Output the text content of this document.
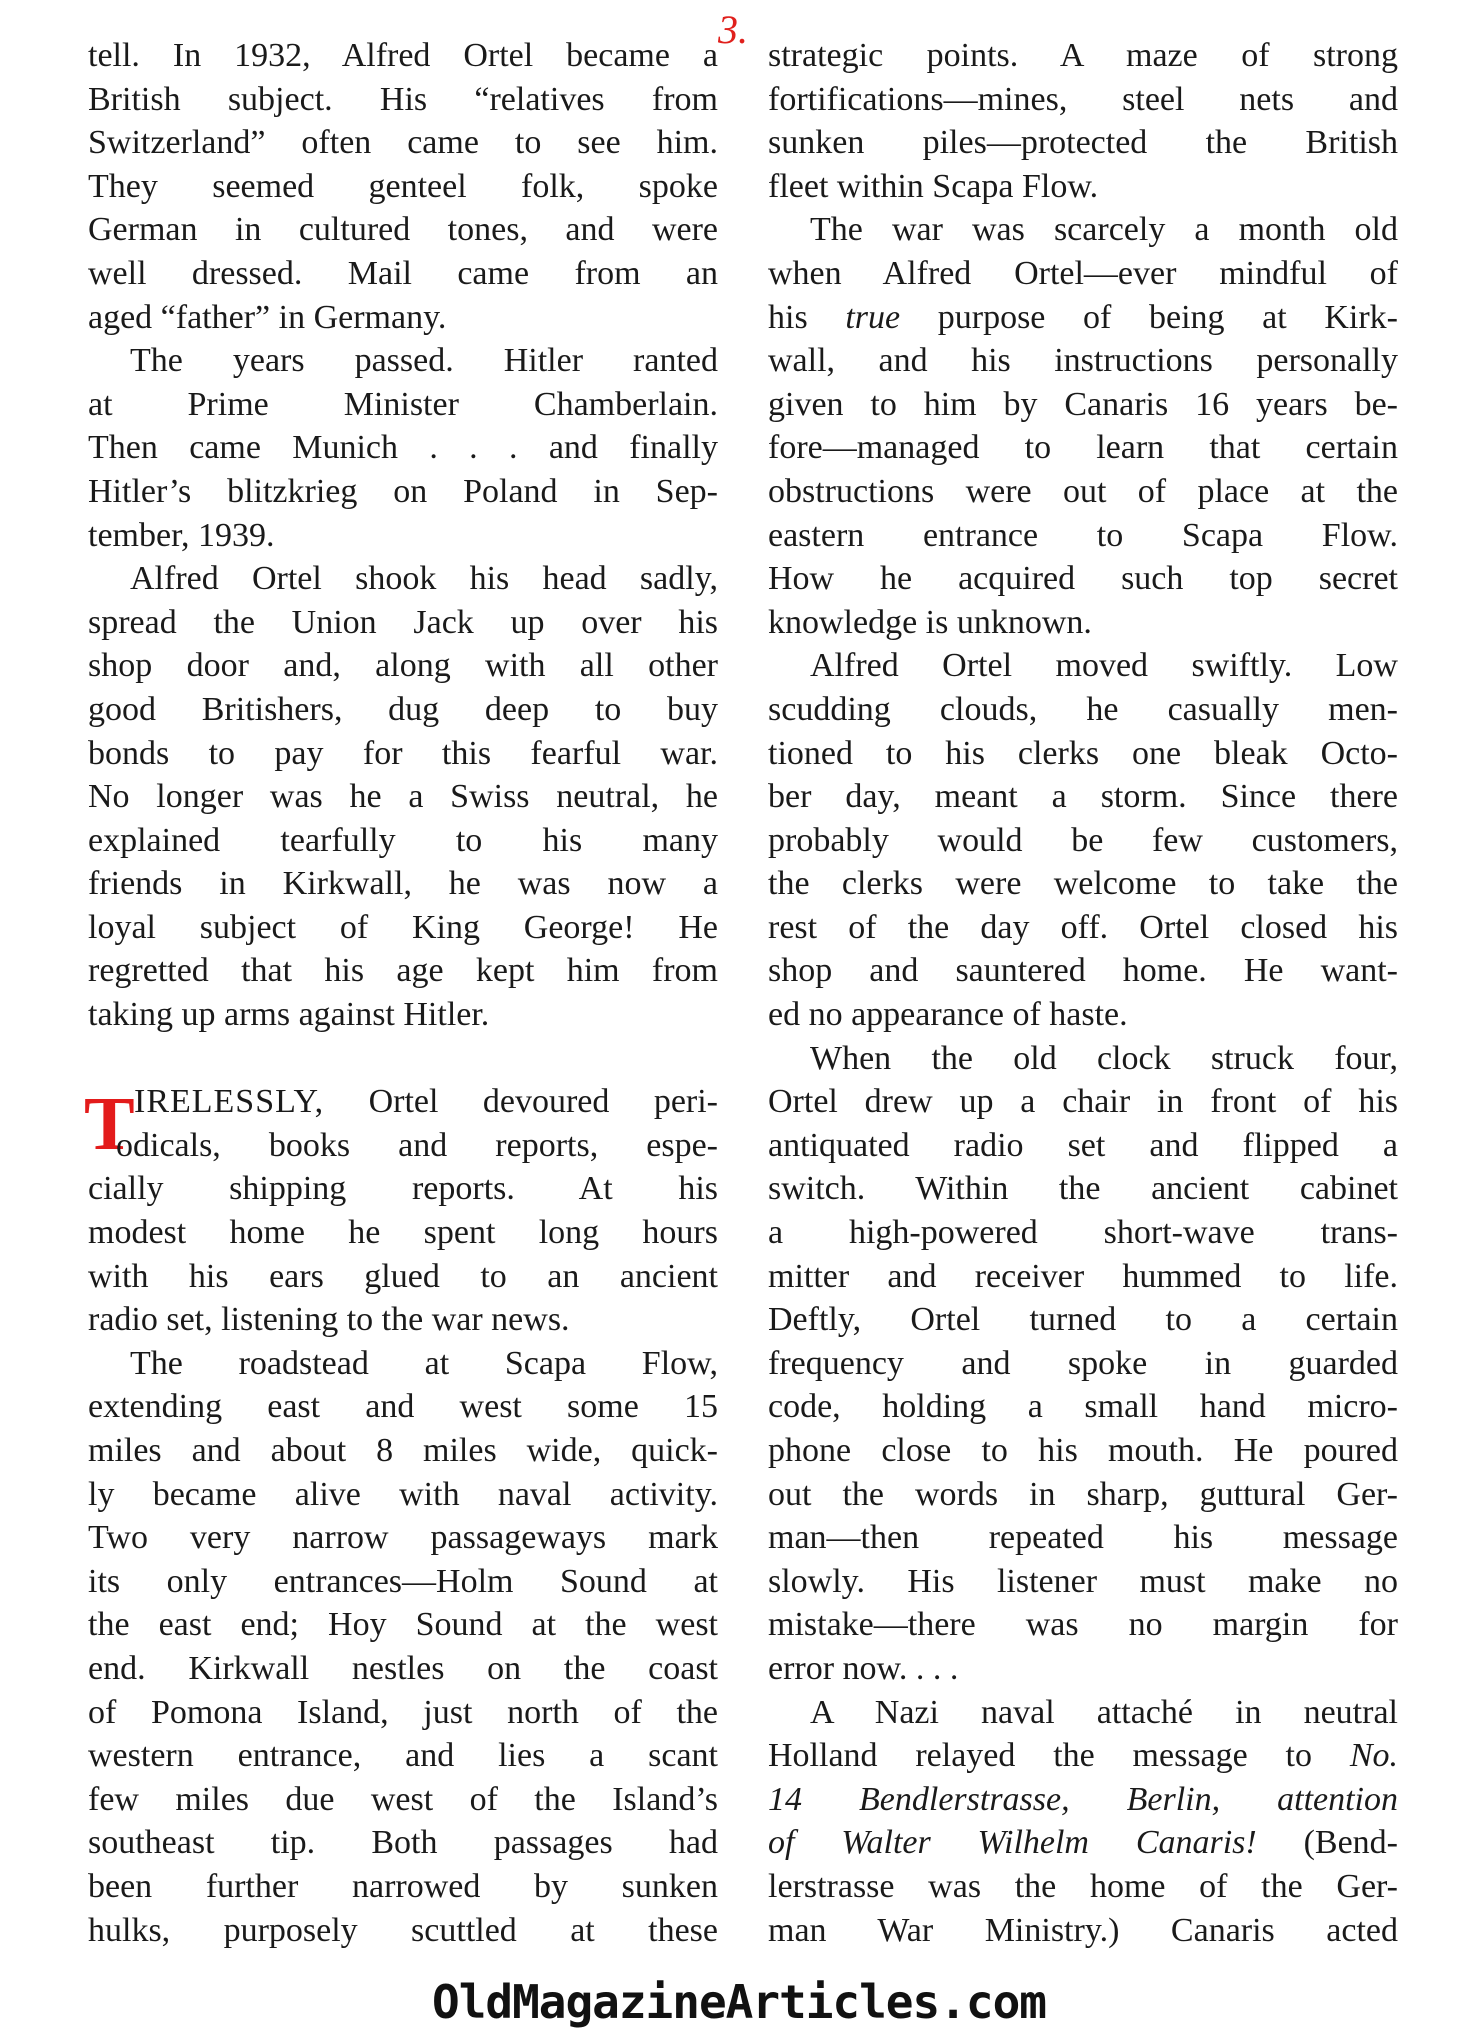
3.
tell. In 1932, Alfred Ortel became a
British subject. His “relatives from
Switzerland” often came to see him.
They seemed genteel folk, spoke
German in cultured tones, and were
well dressed. Mail came from an
aged “father” in Germany.
The years passed. Hitler ranted
at Prime Minister Chamberlain.
Then came Munich . . . and finally
Hitler’s blitzkrieg on Poland in Sep-
tember, 1939.
Alfred Ortel shook his head sadly,
spread the Union Jack up over his
shop door and, along with all other
good Britishers, dug deep to buy
bonds to pay for this fearful war.
No longer was he a Swiss neutral, he
explained tearfully to his many
friends in Kirkwall, he was now a
loyal subject of King George! He
regretted that his age kept him from
taking up arms against Hitler.
T IRELESSLY, Ortel devoured peri-
odicals, books and reports, espe-
cially shipping reports. At his
modest home he spent long hours
with his ears glued to an ancient
radio set, listening to the war news.
The roadstead at Scapa Flow,
extending east and west some 15
miles and about 8 miles wide, quick-
ly became alive with naval activity.
Two very narrow passageways mark
its only entrances—Holm Sound at
the east end; Hoy Sound at the west
end. Kirkwall nestles on the coast
of Pomona Island, just north of the
western entrance, and lies a scant
few miles due west of the Island’s
southeast tip. Both passages had
been further narrowed by sunken
hulks, purposely scuttled at these
strategic points. A maze of strong
fortifications—mines, steel nets and
sunken piles—protected the British
fleet within Scapa Flow.
The war was scarcely a month old
when Alfred Ortel—ever mindful of
his true purpose of being at Kirk-
wall, and his instructions personally
given to him by Canaris 16 years be-
fore—managed to learn that certain
obstructions were out of place at the
eastern entrance to Scapa Flow.
How he acquired such top secret
knowledge is unknown.
Alfred Ortel moved swiftly. Low
scudding clouds, he casually men-
tioned to his clerks one bleak Octo-
ber day, meant a storm. Since there
probably would be few customers,
the clerks were welcome to take the
rest of the day off. Ortel closed his
shop and sauntered home. He want-
ed no appearance of haste.
When the old clock struck four,
Ortel drew up a chair in front of his
antiquated radio set and flipped a
switch. Within the ancient cabinet
a high-powered short-wave trans-
mitter and receiver hummed to life.
Deftly, Ortel turned to a certain
frequency and spoke in guarded
code, holding a small hand micro-
phone close to his mouth. He poured
out the words in sharp, guttural Ger-
man—then repeated his message
slowly. His listener must make no
mistake—there was no margin for
error now. . . .
A Nazi naval attaché in neutral
Holland relayed the message to No.
14 Bendlerstrasse, Berlin, attention
of Walter Wilhelm Canaris! (Bend-
lerstrasse was the home of the Ger-
man War Ministry.) Canaris acted
OldMagazineArticles.com
